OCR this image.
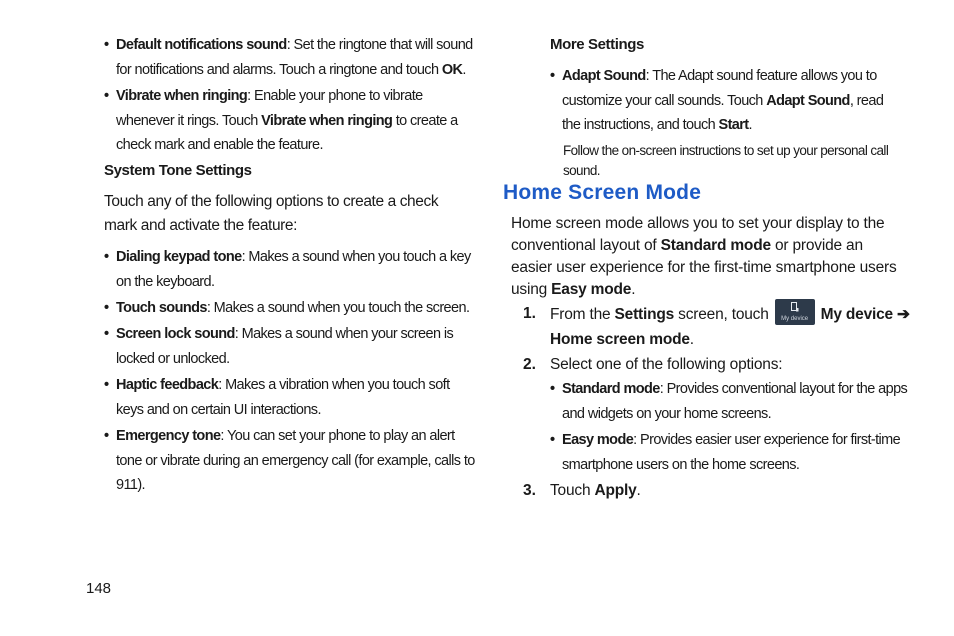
• Default notifications sound: Set the ringtone that will sound for notifications and alarms. Touch a ringtone and touch OK.
• Vibrate when ringing: Enable your phone to vibrate whenever it rings. Touch Vibrate when ringing to create a check mark and enable the feature.
System Tone Settings
Touch any of the following options to create a check mark and activate the feature:
• Dialing keypad tone: Makes a sound when you touch a key on the keyboard.
• Touch sounds: Makes a sound when you touch the screen.
• Screen lock sound: Makes a sound when your screen is locked or unlocked.
• Haptic feedback: Makes a vibration when you touch soft keys and on certain UI interactions.
• Emergency tone: You can set your phone to play an alert tone or vibrate during an emergency call (for example, calls to 911).
More Settings
• Adapt Sound: The Adapt sound feature allows you to customize your call sounds. Touch Adapt Sound, read the instructions, and touch Start.
Follow the on-screen instructions to set up your personal call sound.
Home Screen Mode
Home screen mode allows you to set your display to the conventional layout of Standard mode or provide an easier user experience for the first-time smartphone users using Easy mode.
1. From the Settings screen, touch	My device My device ➔
Home screen mode.
2. Select one of the following options:
• Standard mode: Provides conventional layout for the apps and widgets on your home screens.
• Easy mode: Provides easier user experience for first-time smartphone users on the home screens.
3. Touch Apply.
148
